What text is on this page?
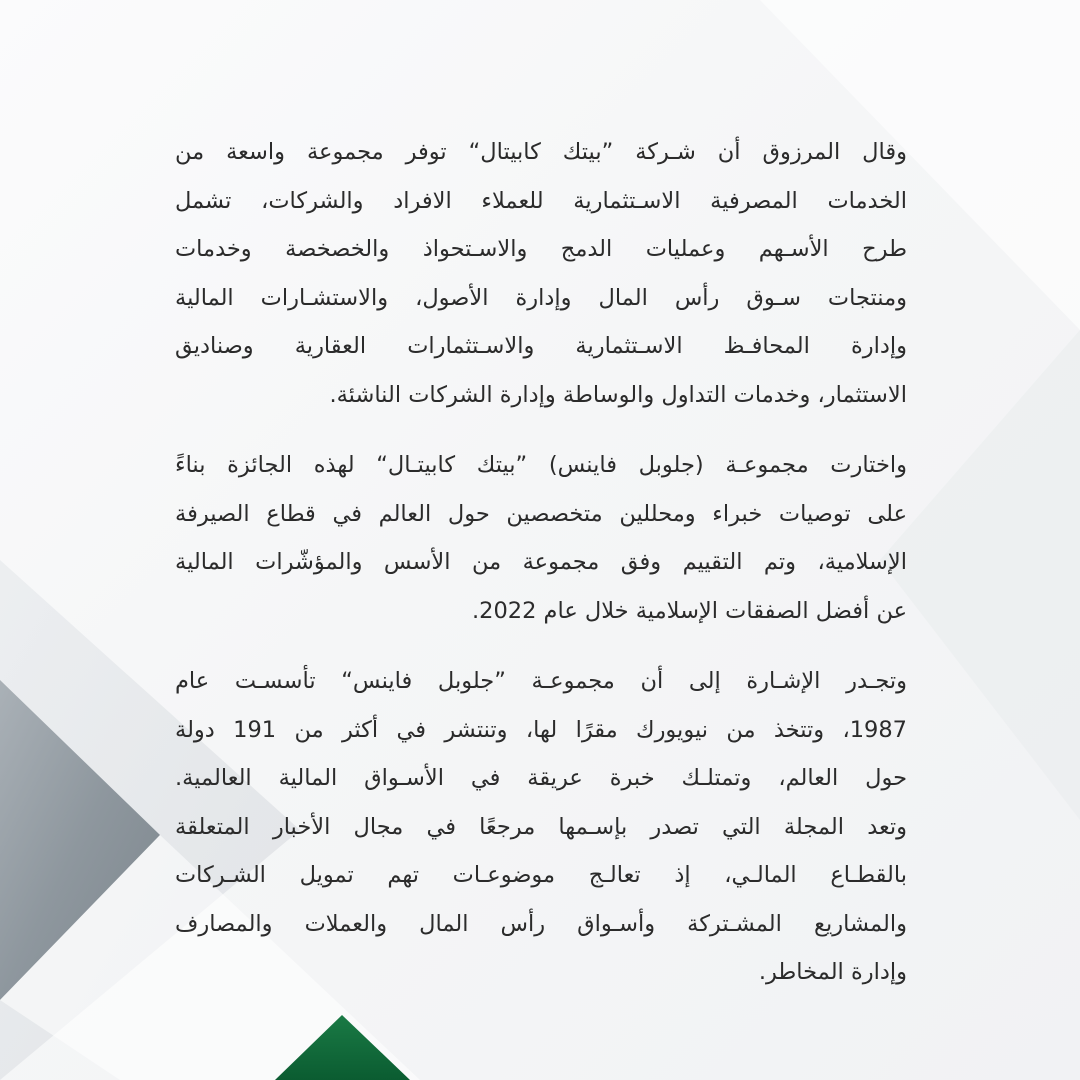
وقال المرزوق أن شـركة ”بيتك كابيتال“ توفر مجموعة واسعة من
الخدمات المصرفية الاسـتثمارية للعملاء الافراد والشركات، تشمل
طرح الأسـهم وعمليات الدمج والاسـتحواذ والخصخصة وخدمات
ومنتجات سـوق رأس المال وإدارة الأصول، والاستشـارات المالية
وإدارة المحافـظ الاسـتثمارية والاسـتثمارات العقارية وصناديق
الاستثمار، وخدمات التداول والوساطة وإدارة الشركات الناشئة.

واختارت مجموعـة (جلوبل فاينس) ”بيتك كابيتـال“ لهذه الجائزة بناءً
على توصيات خبراء ومحللين متخصصين حول العالم في قطاع الصيرفة
الإسلامية، وتم التقييم وفق مجموعة من الأسس والمؤشّرات المالية
عن أفضل الصفقات الإسلامية خلال عام 2022.

وتجـدر الإشـارة إلى أن مجموعـة ”جلوبل فاينس“ تأسسـت عام
1987، وتتخذ من نيويورك مقرًا لها، وتنتشر في أكثر من 191 دولة
حول العالم، وتمتلـك خبرة عريقة في الأسـواق المالية العالمية.
وتعد المجلة التي تصدر بإسـمها مرجعًا في مجال الأخبار المتعلقة
بالقطـاع المالـي، إذ تعالـج موضوعـات تهم تمويل الشـركات
والمشاريع المشـتركة وأسـواق رأس المال والعملات والمصارف
وإدارة المخاطر.
